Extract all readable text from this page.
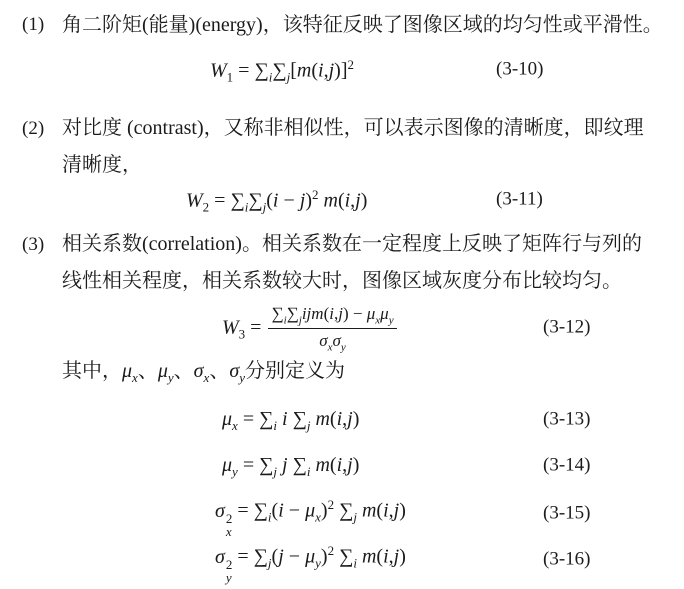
(1) 角二阶矩(能量)(energy)，该特征反映了图像区域的均匀性或平滑性。
$W_1 = \sum_i\sum_j[m(i,j)]^2$	(3-10)
(2) 对比度 (contrast)，又称非相似性，可以表示图像的清晰度，即纹理
清晰度，
$W_2 = \sum_i\sum_j(i - j)^2$ m(i,j)	(3-11)
(3) 相关系数(correlation)。相关系数在一定程度上反映了矩阵行与列的
线性相关程度，相关系数较大时，图像区域灰度分布比较均匀。
$W_3 = \frac{\sum_i\sum_jijm(i,j) - \mu_x\mu_y}{\sigma_x\sigma_y}$	(3-12)
其中，$\mu_x$、$\mu_y$、$\sigma_x$、$\sigma_y$分别定义为
$\mu_x = \sum_i$ i $\sum_j$ m(i,j)	(3-13)
$\mu_y = \sum_j$ j $\sum_i$ m(i,j)	(3-14)
σ 2
x
= $\sum_i(i - \mu_x)^2$ $\sum_j$ m(i,j)	(3-15)
σ 2
y
= $\sum_j(j - \mu_y)^2$ $\sum_i$ m(i,j)	(3-16)
